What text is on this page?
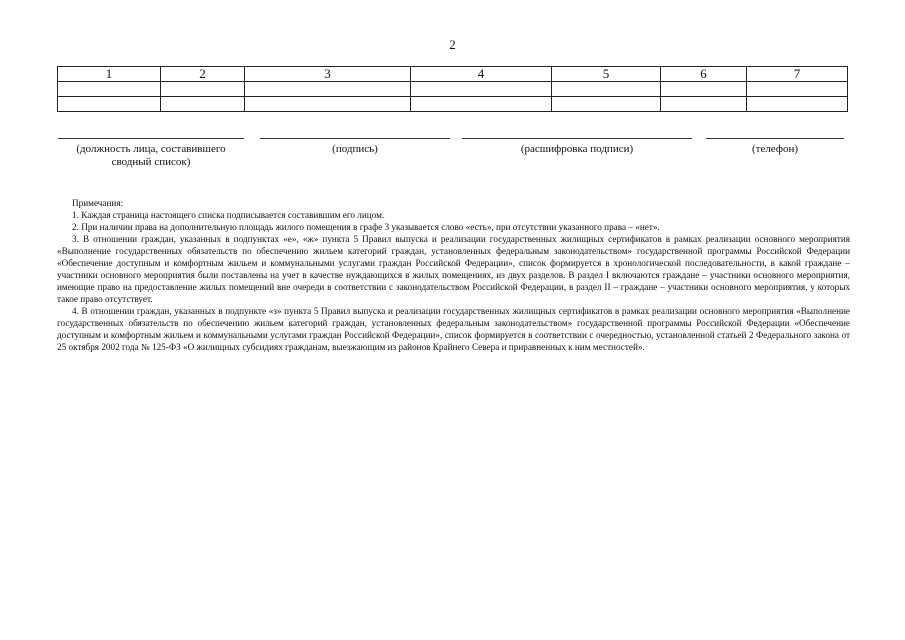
2
1	2	3	4	5	6	7

(должность лица, составившего сводный список)
(подпись)	(расшифровка подписи)	(телефон)

Примечания:

1. Каждая страница настоящего списка подписывается составившим его лицом.

2. При наличии права на дополнительную площадь жилого помещения в графе 3 указывается слово «есть», при отсутствии указанного права – «нет».

3. В отношении граждан, указанных в подпунктах «е», «ж» пункта 5 Правил выпуска и реализации государственных жилищных сертификатов в рамках реализации основного мероприятия «Выполнение государственных обязательств по обеспечению жильем категорий граждан, установленных федеральным законодательством» государственной программы Российской Федерации «Обеспечение доступным и комфортным жильем и коммунальными услугами граждан Российской Федерации», список формируется в хронологической последовательности, в какой граждане – участники основного мероприятия были поставлены на учет в качестве нуждающихся в жилых помещениях, из двух разделов. В раздел I включаются граждане – участники основного мероприятия, имеющие право на предоставление жилых помещений вне очереди в соответствии с законодательством Российской Федерации, в раздел II – граждане – участники основного мероприятия, у которых такое право отсутствует.

4. В отношении граждан, указанных в подпункте «з» пункта 5 Правил выпуска и реализации государственных жилищных сертификатов в рамках реализации основного мероприятия «Выполнение государственных обязательств по обеспечению жильем категорий граждан, установленных федеральным законодательством» государственной программы Российской Федерации «Обеспечение доступным и комфортным жильем и коммунальными услугами граждан Российской Федерации», список формируется в соответствии с очередностью, установленной статьей 2 Федерального закона от 25 октября 2002 года № 125-ФЗ «О жилищных субсидиях гражданам, выезжающим из районов Крайнего Севера и приравненных к ним местностей».
